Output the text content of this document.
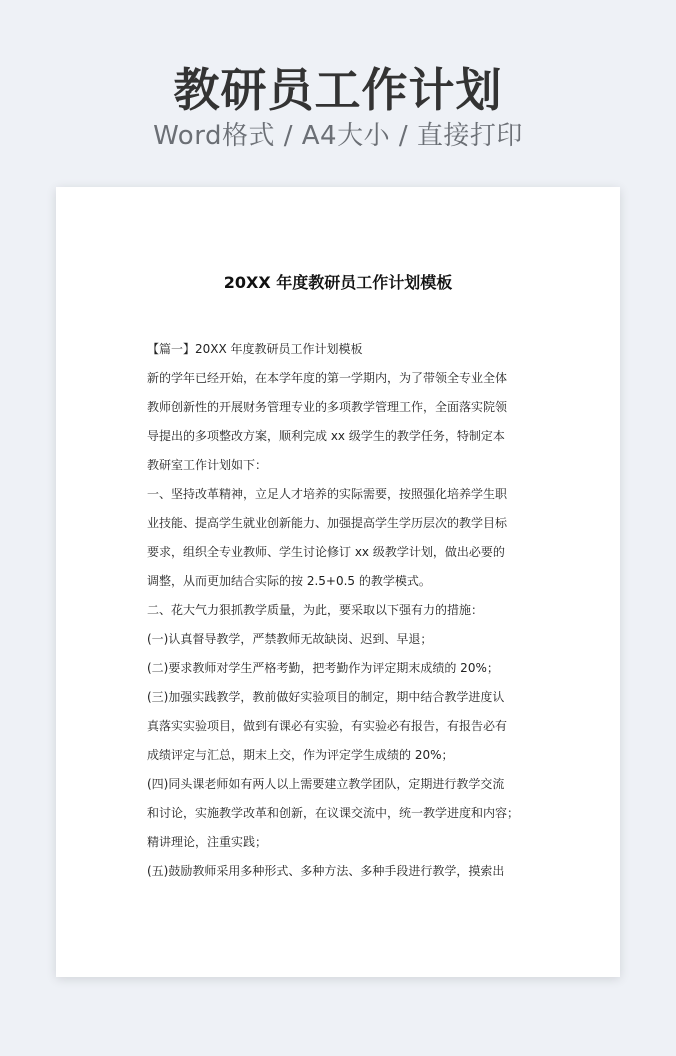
教研员工作计划

Word格式 / A4大小 / 直接打印

20XX 年度教研员工作计划模板
【篇一】20XX 年度教研员工作计划模板
新的学年已经开始，在本学年度的第一学期内，为了带领全专业全体
教师创新性的开展财务管理专业的多项教学管理工作，全面落实院领
导提出的多项整改方案，顺利完成 xx 级学生的教学任务，特制定本
教研室工作计划如下：
一、坚持改革精神，立足人才培养的实际需要，按照强化培养学生职
业技能、提高学生就业创新能力、加强提高学生学历层次的教学目标
要求，组织全专业教师、学生讨论修订 xx 级教学计划，做出必要的
调整，从而更加结合实际的按 2.5+0.5 的教学模式。
二、花大气力狠抓教学质量，为此，要采取以下强有力的措施：
(一)认真督导教学，严禁教师无故缺岗、迟到、早退；
(二)要求教师对学生严格考勤，把考勤作为评定期末成绩的 20%；
(三)加强实践教学，教前做好实验项目的制定，期中结合教学进度认
真落实实验项目，做到有课必有实验，有实验必有报告，有报告必有
成绩评定与汇总，期末上交，作为评定学生成绩的 20%；
(四)同头课老师如有两人以上需要建立教学团队，定期进行教学交流
和讨论，实施教学改革和创新，在议课交流中，统一教学进度和内容；
精讲理论，注重实践；
(五)鼓励教师采用多种形式、多种方法、多种手段进行教学，摸索出
